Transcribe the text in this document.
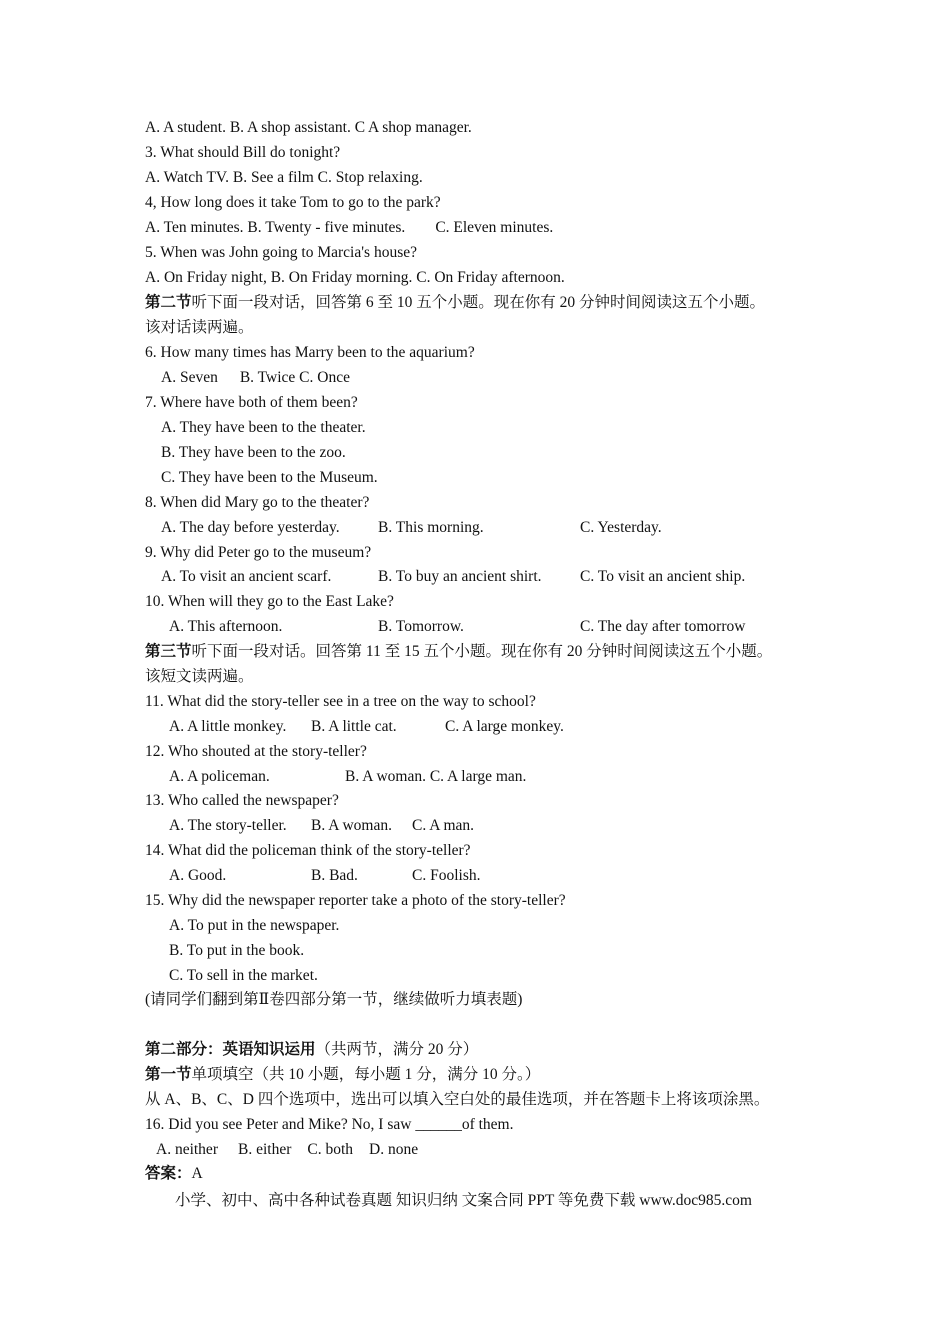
A. A student. B. A shop assistant. C A shop manager.
3. What should Bill do tonight?
A. Watch TV. B. See a film C. Stop relaxing.
4, How long does it take Tom to go to the park?
A. Ten minutes. B. Twenty - five minutes. C. Eleven minutes.
5. When was John going to Marcia's house?
A. On Friday night, B. On Friday morning. C. On Friday afternoon.
第二节听下面一段对话，回答第 6 至 10 五个小题。现在你有 20 分钟时间阅读这五个小题。
该对话读两遍。
6. How many times has Marry been to the aquarium?
A. Seven B. Twice C. Once
7. Where have both of them been?
A. They have been to the theater.
B. They have been to the zoo.
C. They have been to the Museum.
8. When did Mary go to the theater?
A. The day before yesterday. B. This morning.	C. Yesterday.
9. Why did Peter go to the museum?
A. To visit an ancient scarf.	B. To buy an ancient shirt. C. To visit an ancient ship.
10. When will they go to the East Lake?
A. This afternoon.	B. Tomorrow.	C. The day after tomorrow
第三节听下面一段对话。回答第 11 至 15 五个小题。现在你有 20 分钟时间阅读这五个小题。
该短文读两遍。
11. What did the story-teller see in a tree on the way to school?
A. A little monkey. B. A little cat.	C. A large monkey.
12. Who shouted at the story-teller?
A. A policeman.	B. A woman. C. A large man.
13. Who called the newspaper?
A. The story-teller. B. A woman. C. A man.
14. What did the policeman think of the story-teller?
A. Good.	B. Bad.	C. Foolish.
15. Why did the newspaper reporter take a photo of the story-teller?
A. To put in the newspaper.
B. To put in the book.
C. To sell in the market.
(请同学们翻到第Ⅱ卷四部分第一节，继续做听力填表题)
第二部分：英语知识运用（共两节，满分 20 分）
第一节单项填空（共 10 小题，每小题 1 分，满分 10 分。）
从 A、B、C、D 四个选项中，选出可以填入空白处的最佳选项，并在答题卡上将该项涂黑。
16. Did you see Peter and Mike? No, I saw ______of them.
A. neither B. either C. both D. none
答案：A
小学、初中、高中各种试卷真题 知识归纳 文案合同 PPT 等免费下载 www.doc985.com
